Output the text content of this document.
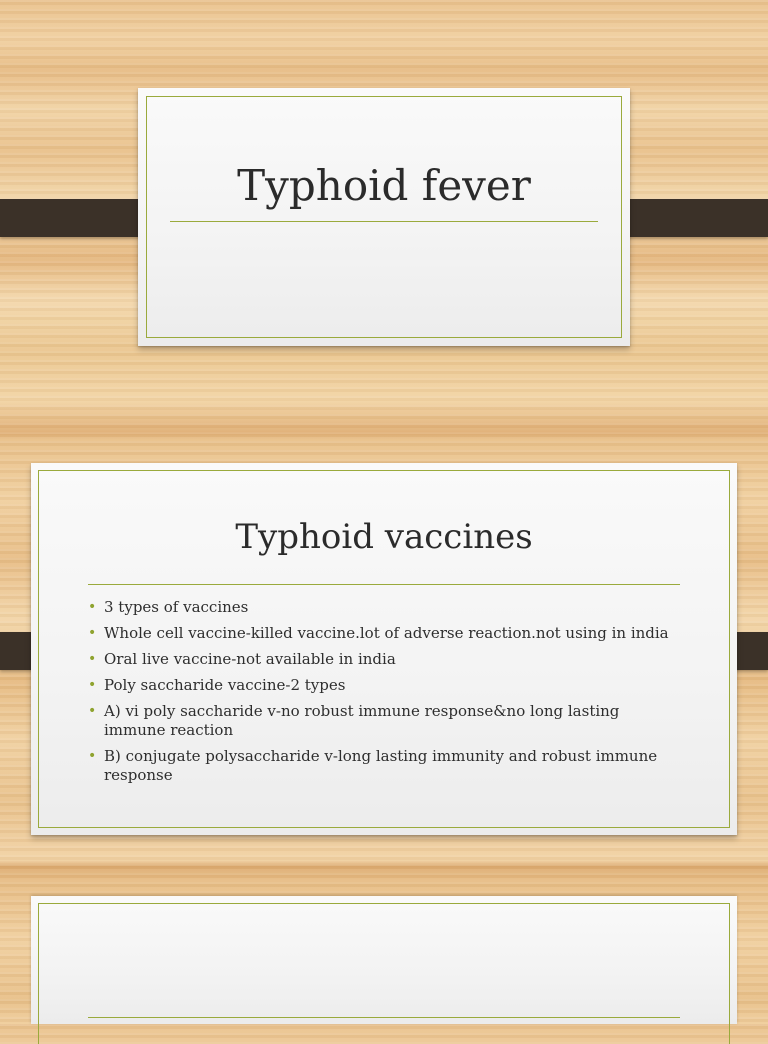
Typhoid fever
Typhoid vaccines
• 3 types of vaccines
• Whole cell vaccine-killed vaccine.lot of adverse reaction.not using in india
• Oral live vaccine-not available in india
• Poly saccharide vaccine-2 types
• A) vi poly saccharide v-no robust immune response&no long lasting immune reaction
• B) conjugate polysaccharide v-long lasting immunity and robust immune response
